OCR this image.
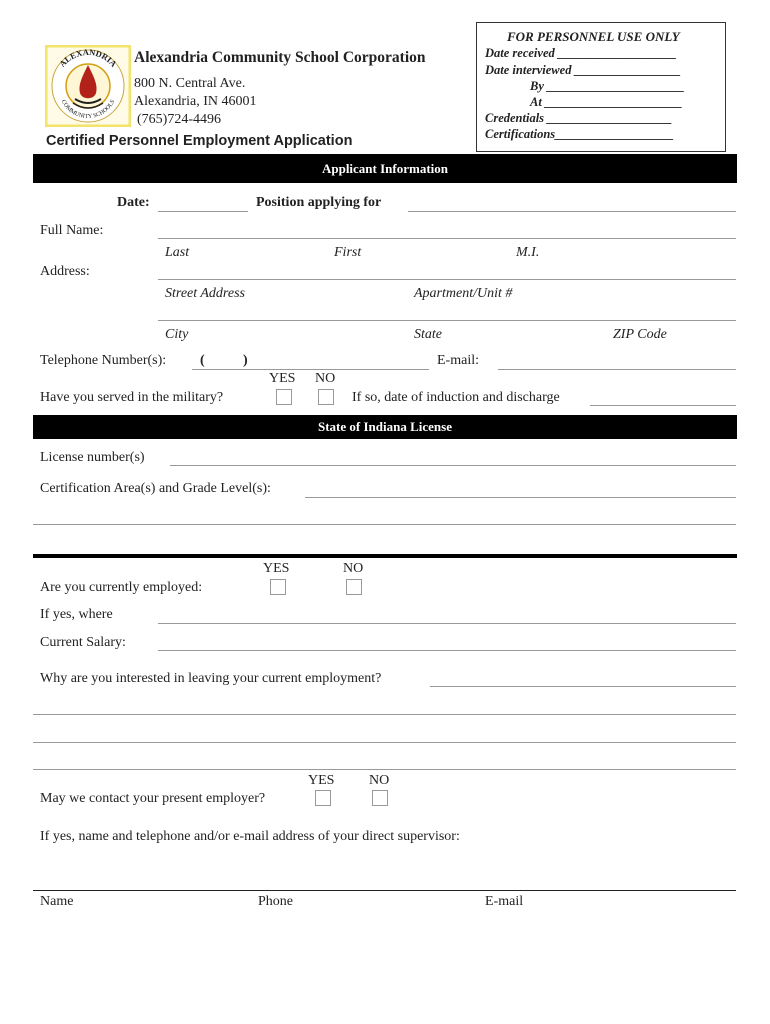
ALEXANDRIA
COMMUNITY SCHOOLS
Alexandria Community School Corporation
800 N. Central Ave.
Alexandria, IN 46001
(765)724-4496
Certified Personnel Employment Application
FOR PERSONNEL USE ONLY
Date received ___________________
Date interviewed _________________
By ______________________
At ______________________
Credentials ____________________
Certifications___________________
Applicant Information
Date:	Position applying for
Full Name:
Last	First	M.I.
Address:
Street Address	Apartment/Unit #
City	State	ZIP Code
Telephone Number(s): (	)	E-mail:
YES NO
Have you served in the military?	If so, date of induction and discharge
State of Indiana License
License number(s)
Certification Area(s) and Grade Level(s):
YES	NO
Are you currently employed:
If yes, where
Current Salary:
Why are you interested in leaving your current employment?
YES NO
May we contact your present employer?
If yes, name and telephone and/or e-mail address of your direct supervisor:
Name	Phone	E-mail
